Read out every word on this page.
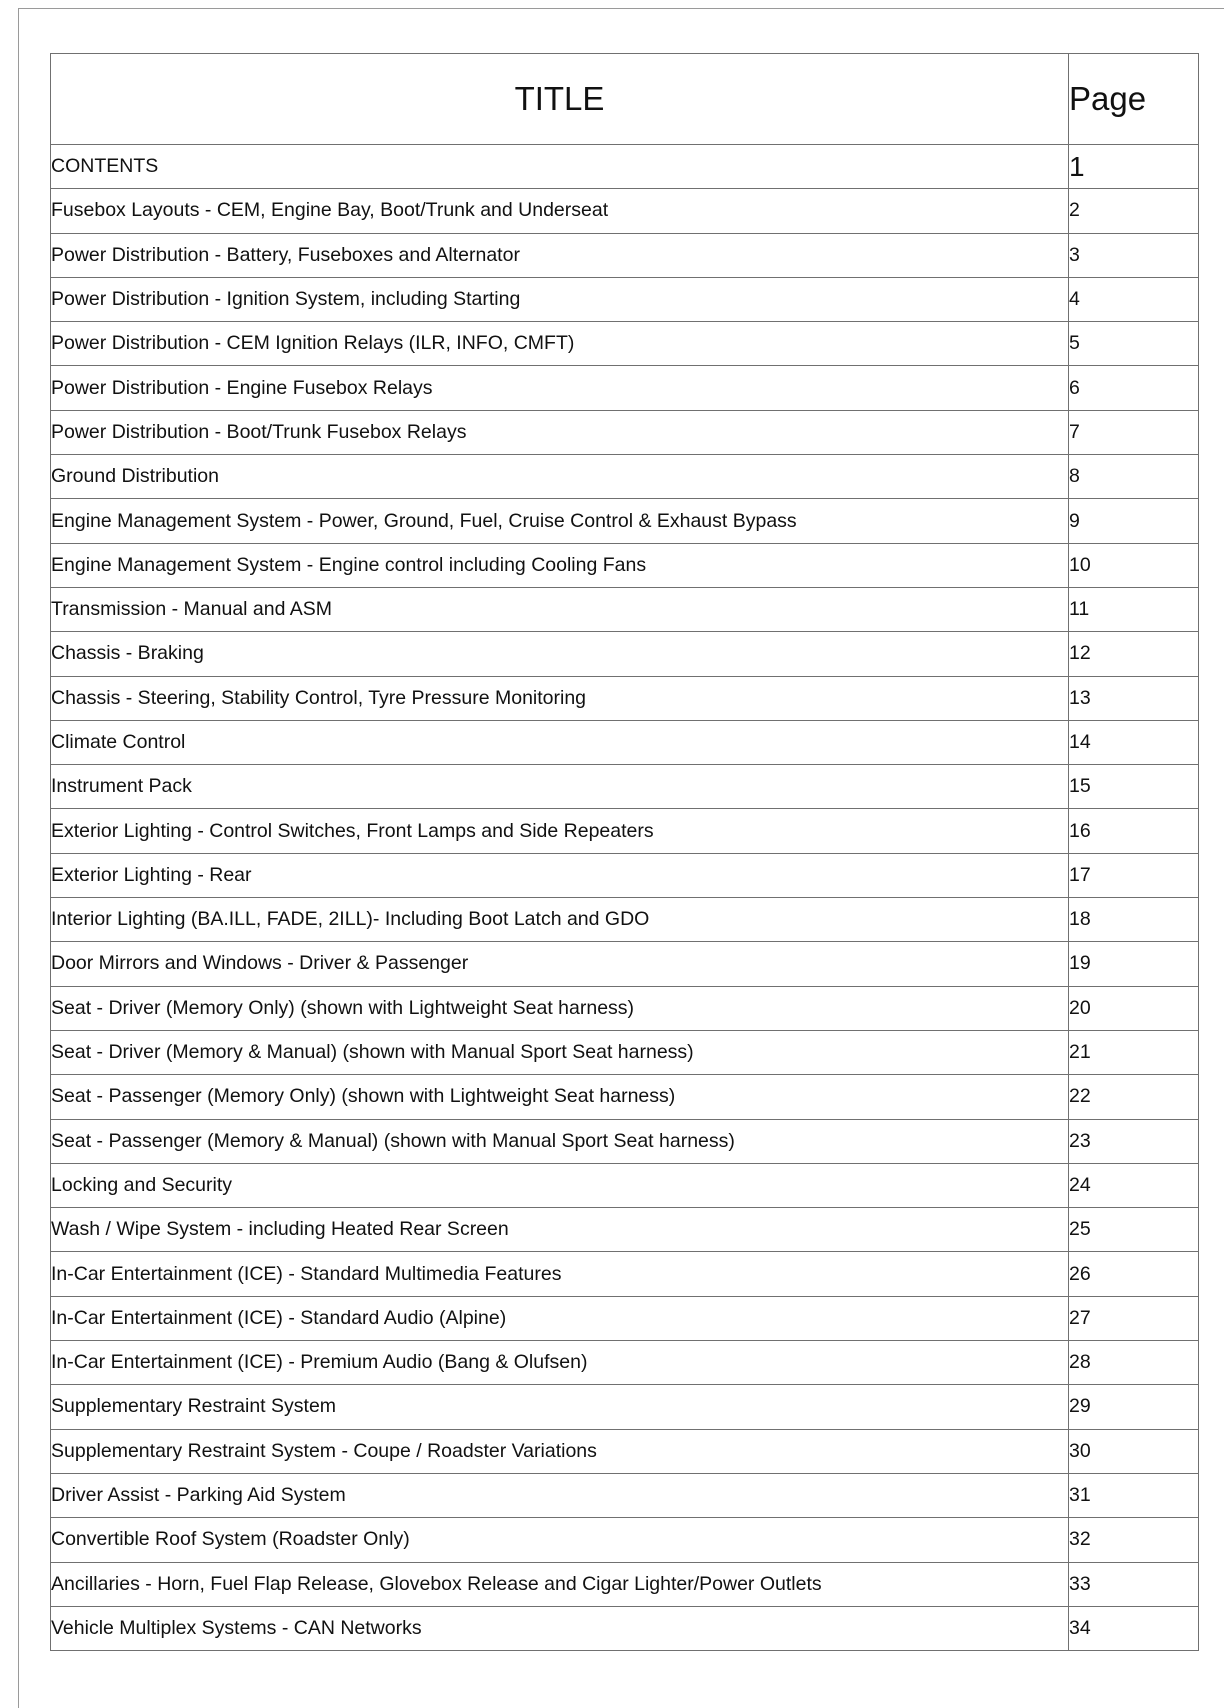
TITLE	Page
CONTENTS	1
Fusebox Layouts - CEM, Engine Bay, Boot/Trunk and Underseat	2
Power Distribution - Battery, Fuseboxes and Alternator	3
Power Distribution - Ignition System, including Starting	4
Power Distribution - CEM Ignition Relays (ILR, INFO, CMFT)	5
Power Distribution - Engine Fusebox Relays	6
Power Distribution - Boot/Trunk Fusebox Relays	7
Ground Distribution	8
Engine Management System - Power, Ground, Fuel, Cruise Control & Exhaust Bypass	9
Engine Management System - Engine control including Cooling Fans	10
Transmission - Manual and ASM	11
Chassis - Braking	12
Chassis - Steering, Stability Control, Tyre Pressure Monitoring	13
Climate Control	14
Instrument Pack	15
Exterior Lighting - Control Switches, Front Lamps and Side Repeaters	16
Exterior Lighting - Rear	17
Interior Lighting (BA.ILL, FADE, 2ILL)- Including Boot Latch and GDO	18
Door Mirrors and Windows - Driver & Passenger	19
Seat - Driver (Memory Only) (shown with Lightweight Seat harness)	20
Seat - Driver (Memory & Manual) (shown with Manual Sport Seat harness)	21
Seat - Passenger (Memory Only) (shown with Lightweight Seat harness)	22
Seat - Passenger (Memory & Manual) (shown with Manual Sport Seat harness)	23
Locking and Security	24
Wash / Wipe System - including Heated Rear Screen	25
In-Car Entertainment (ICE) - Standard Multimedia Features	26
In-Car Entertainment (ICE) - Standard Audio (Alpine)	27
In-Car Entertainment (ICE) - Premium Audio (Bang & Olufsen)	28
Supplementary Restraint System	29
Supplementary Restraint System - Coupe / Roadster Variations	30
Driver Assist - Parking Aid System	31
Convertible Roof System (Roadster Only)	32
Ancillaries - Horn, Fuel Flap Release, Glovebox Release and Cigar Lighter/Power Outlets	33
Vehicle Multiplex Systems - CAN Networks	34
